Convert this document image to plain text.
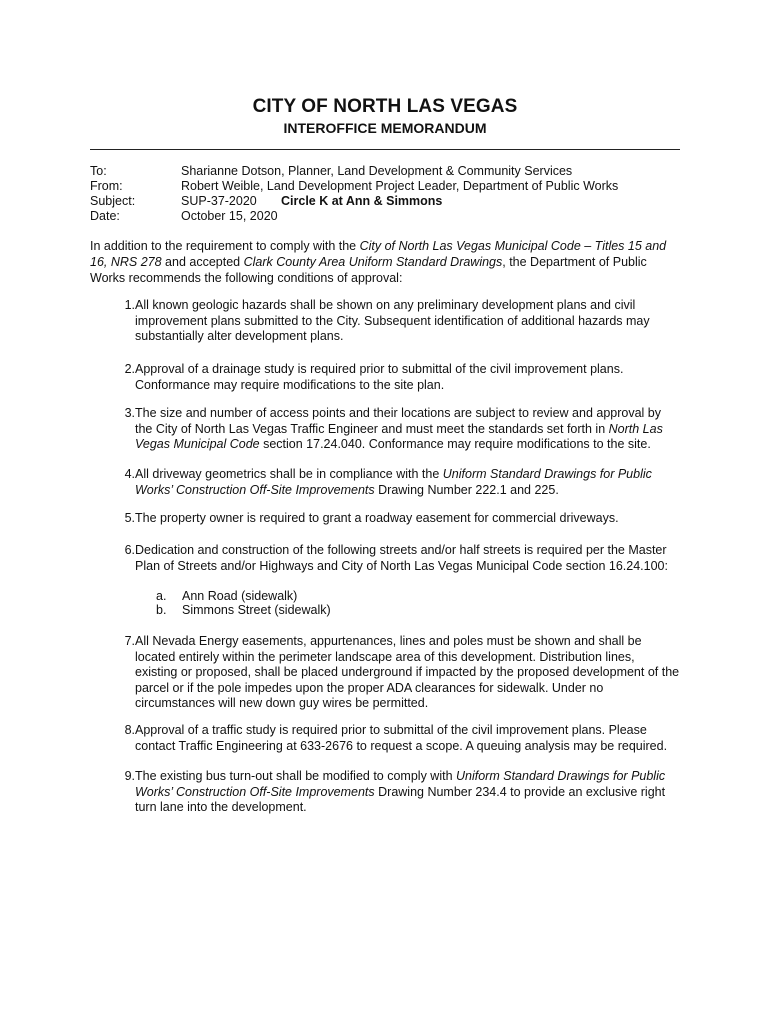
CITY OF NORTH LAS VEGAS
INTEROFFICE MEMORANDUM
To:	Sharianne Dotson, Planner, Land Development & Community Services
From:	Robert Weible, Land Development Project Leader, Department of Public Works
Subject:	SUP-37-2020 Circle K at Ann & Simmons
Date:	October 15, 2020
In addition to the requirement to comply with the City of North Las Vegas Municipal Code – Titles 15 and 16, NRS 278 and accepted Clark County Area Uniform Standard Drawings, the Department of Public Works recommends the following conditions of approval:
1. All known geologic hazards shall be shown on any preliminary development plans and civil improvement plans submitted to the City. Subsequent identification of additional hazards may substantially alter development plans.
2. Approval of a drainage study is required prior to submittal of the civil improvement plans. Conformance may require modifications to the site plan.
3. The size and number of access points and their locations are subject to review and approval by the City of North Las Vegas Traffic Engineer and must meet the standards set forth in North Las Vegas Municipal Code section 17.24.040. Conformance may require modifications to the site.
4. All driveway geometrics shall be in compliance with the Uniform Standard Drawings for Public Works’ Construction Off-Site Improvements Drawing Number 222.1 and 225.
5. The property owner is required to grant a roadway easement for commercial driveways.
6. Dedication and construction of the following streets and/or half streets is required per the Master Plan of Streets and/or Highways and City of North Las Vegas Municipal Code section 16.24.100:
a.	Ann Road (sidewalk)
b.	Simmons Street (sidewalk)
7. All Nevada Energy easements, appurtenances, lines and poles must be shown and shall be located entirely within the perimeter landscape area of this development. Distribution lines, existing or proposed, shall be placed underground if impacted by the proposed development of the parcel or if the pole impedes upon the proper ADA clearances for sidewalk. Under no circumstances will new down guy wires be permitted.
8. Approval of a traffic study is required prior to submittal of the civil improvement plans. Please contact Traffic Engineering at 633-2676 to request a scope. A queuing analysis may be required.
9. The existing bus turn-out shall be modified to comply with Uniform Standard Drawings for Public Works’ Construction Off-Site Improvements Drawing Number 234.4 to provide an exclusive right turn lane into the development.
